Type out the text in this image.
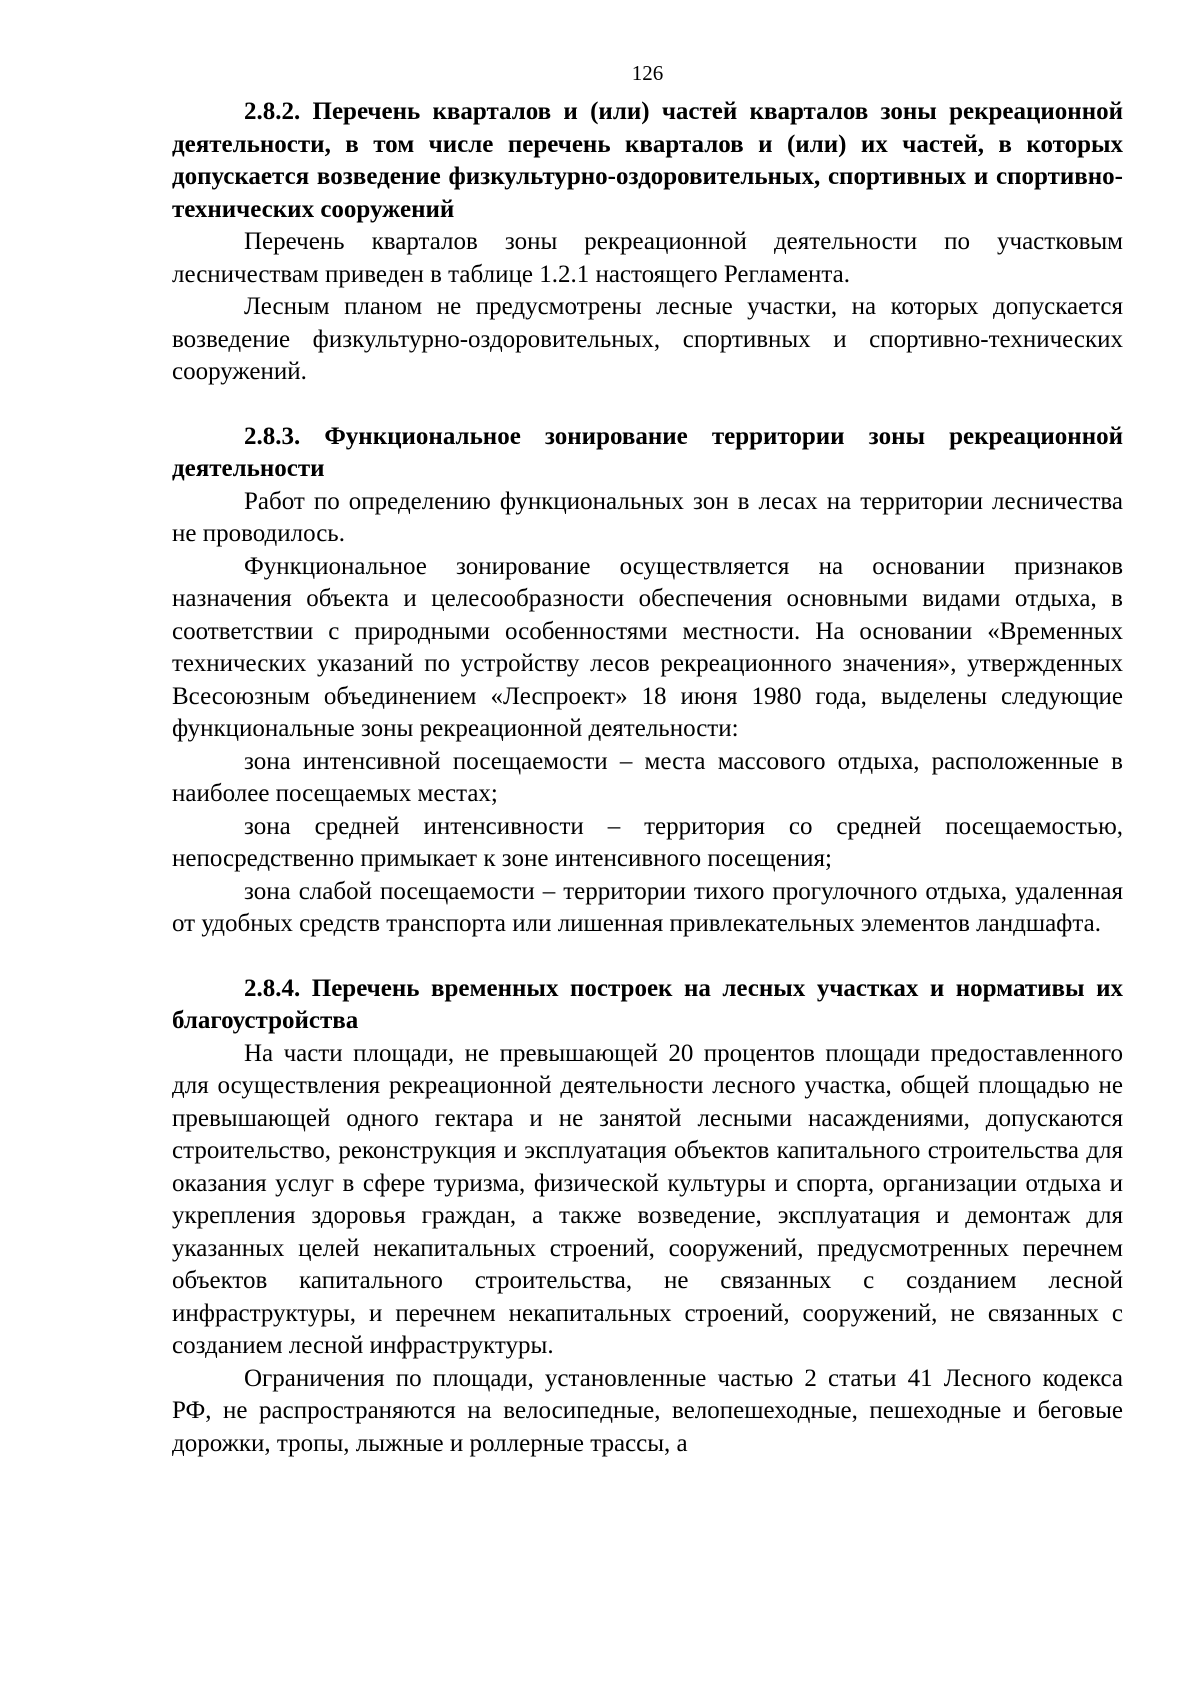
126

2.8.2. Перечень кварталов и (или) частей кварталов зоны рекреационной деятельности, в том числе перечень кварталов и (или) их частей, в которых допускается возведение физкультурно-оздоровительных, спортивных и спортивно-технических сооружений

Перечень кварталов зоны рекреационной деятельности по участковым лесничествам приведен в таблице 1.2.1 настоящего Регламента.

Лесным планом не предусмотрены лесные участки, на которых допускается возведение физкультурно-оздоровительных, спортивных и спортивно-технических сооружений.

2.8.3. Функциональное зонирование территории зоны рекреационной деятельности

Работ по определению функциональных зон в лесах на территории лесничества не проводилось.

Функциональное зонирование осуществляется на основании признаков назначения объекта и целесообразности обеспечения основными видами отдыха, в соответствии с природными особенностями местности. На основании «Временных технических указаний по устройству лесов рекреационного значения», утвержденных Всесоюзным объединением «Леспроект» 18 июня 1980 года, выделены следующие функциональные зоны рекреационной деятельности:

зона интенсивной посещаемости – места массового отдыха, расположенные в наиболее посещаемых местах;

зона средней интенсивности – территория со средней посещаемостью, непосредственно примыкает к зоне интенсивного посещения;

зона слабой посещаемости – территории тихого прогулочного отдыха, удаленная от удобных средств транспорта или лишенная привлекательных элементов ландшафта.

2.8.4. Перечень временных построек на лесных участках и нормативы их благоустройства

На части площади, не превышающей 20 процентов площади предоставленного для осуществления рекреационной деятельности лесного участка, общей площадью не превышающей одного гектара и не занятой лесными насаждениями, допускаются строительство, реконструкция и эксплуатация объектов капитального строительства для оказания услуг в сфере туризма, физической культуры и спорта, организации отдыха и укрепления здоровья граждан, а также возведение, эксплуатация и демонтаж для указанных целей некапитальных строений, сооружений, предусмотренных перечнем объектов капитального строительства, не связанных с созданием лесной инфраструктуры, и перечнем некапитальных строений, сооружений, не связанных с созданием лесной инфраструктуры.

Ограничения по площади, установленные частью 2 статьи 41 Лесного кодекса РФ, не распространяются на велосипедные, велопешеходные, пешеходные и беговые дорожки, тропы, лыжные и роллерные трассы, а
